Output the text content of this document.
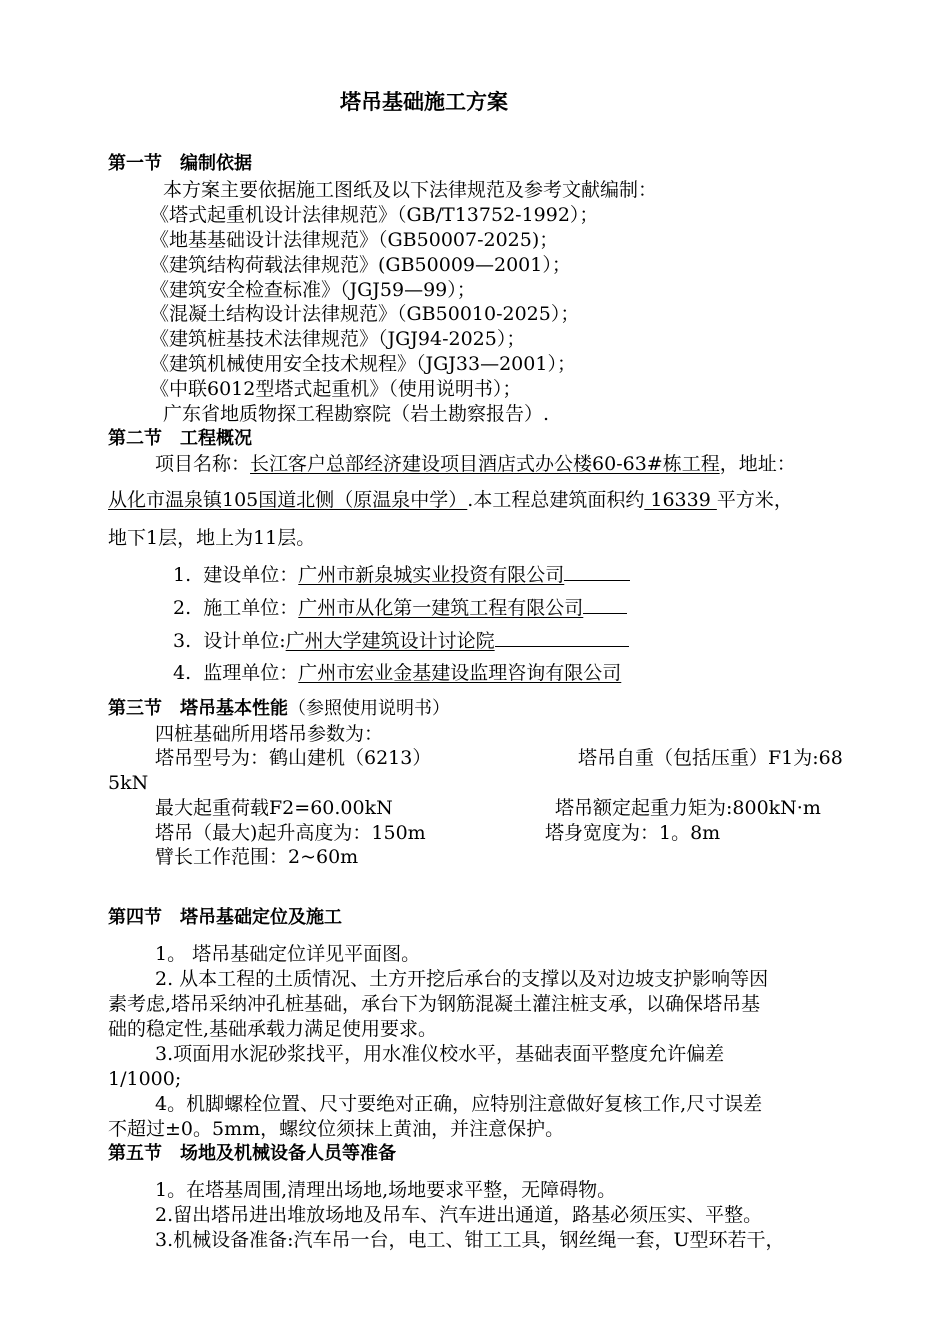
塔吊基础施工方案
第一节　编制依据
本方案主要依据施工图纸及以下法律规范及参考文献编制：
《塔式起重机设计法律规范》（GB/T13752-1992）；
《地基基础设计法律规范》（GB50007-2025)；
《建筑结构荷载法律规范》(GB50009—2001）；
《建筑安全检查标准》（JGJ59—99）；
《混凝土结构设计法律规范》（GB50010-2025）；
《建筑桩基技术法律规范》（JGJ94-2025）；
《建筑机械使用安全技术规程》（JGJ33—2001）；
《中联6012型塔式起重机》（使用说明书）；
广东省地质物探工程勘察院（岩土勘察报告）.
第二节　工程概况
项目名称：长江客户总部经济建设项目酒店式办公楼60-63#栋工程，地址：
从化市温泉镇105国道北侧（原温泉中学）.本工程总建筑面积约 16339 平方米，
地下1层，地上为11层。
1. 建设单位：广州市新泉城实业投资有限公司
2. 施工单位：广州市从化第一建筑工程有限公司
3. 设计单位:广州大学建筑设计讨论院
4. 监理单位：广州市宏业金基建设监理咨询有限公司
第三节　塔吊基本性能（参照使用说明书）
四桩基础所用塔吊参数为：
塔吊型号为：鹤山建机（6213）	塔吊自重（包括压重）F1为:68
5kN
最大起重荷载F2=60.00kN	塔吊额定起重力矩为:800kN·m
塔吊（最大)起升高度为：150m	塔身宽度为：1。8m
臂长工作范围：2~60m
第四节　塔吊基础定位及施工
1。 塔吊基础定位详见平面图。
2. 从本工程的土质情况、土方开挖后承台的支撑以及对边坡支护影响等因
素考虑,塔吊采纳冲孔桩基础，承台下为钢筋混凝土灌注桩支承，以确保塔吊基
础的稳定性,基础承载力满足使用要求。
3.项面用水泥砂浆找平，用水准仪校水平，基础表面平整度允许偏差
1/1000;
4。机脚螺栓位置、尺寸要绝对正确，应特别注意做好复核工作,尺寸误差
不超过±0。5mm，螺纹位须抹上黄油，并注意保护。
第五节　场地及机械设备人员等准备
1。在塔基周围,清理出场地,场地要求平整，无障碍物。
2.留出塔吊进出堆放场地及吊车、汽车进出通道，路基必须压实、平整。
3.机械设备准备:汽车吊一台，电工、钳工工具，钢丝绳一套，U型环若干，
